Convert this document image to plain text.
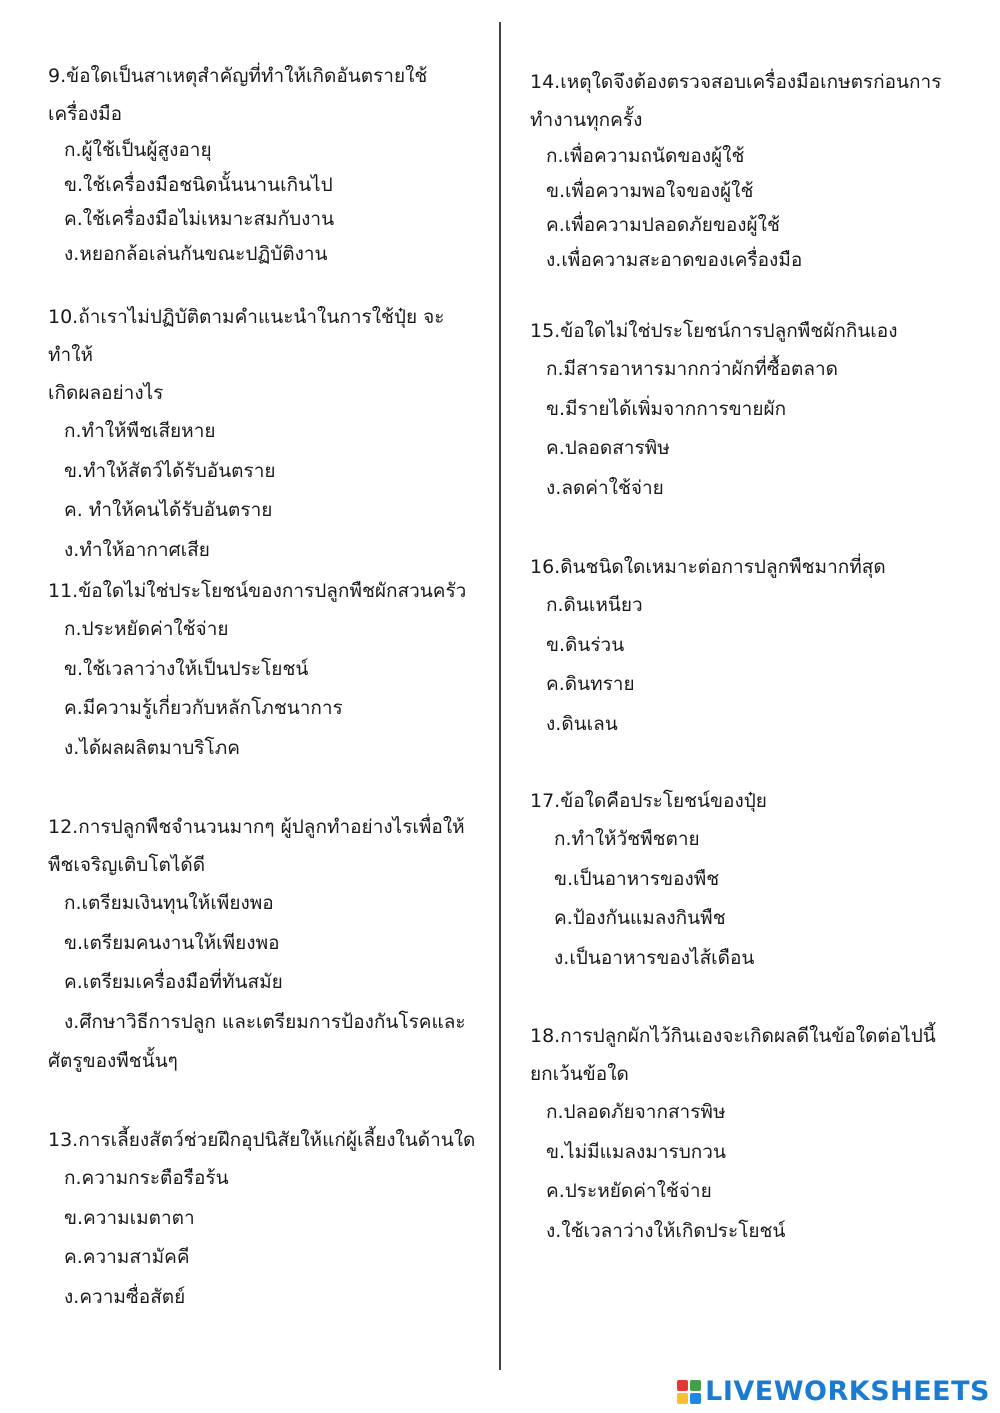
9.ข้อใดเป็นสาเหตุสำคัญที่ทำให้เกิดอันตรายใช้
เครื่องมือ

ก.ผู้ใช้เป็นผู้สูงอายุ
ข.ใช้เครื่องมือชนิดนั้นนานเกินไป
ค.ใช้เครื่องมือไม่เหมาะสมกับงาน
ง.หยอกล้อเล่นกันขณะปฏิบัติงาน

10.ถ้าเราไม่ปฏิบัติตามคำแนะนำในการใช้ปุ๋ย จะทำให้
เกิดผลอย่างไร

ก.ทำให้พืชเสียหาย
ข.ทำให้สัตว์ได้รับอันตราย
ค. ทำให้คนได้รับอันตราย
ง.ทำให้อากาศเสีย

11.ข้อใดไม่ใช่ประโยชน์ของการปลูกพืชผักสวนครัว

ก.ประหยัดค่าใช้จ่าย
ข.ใช้เวลาว่างให้เป็นประโยชน์
ค.มีความรู้เกี่ยวกับหลักโภชนาการ
ง.ได้ผลผลิตมาบริโภค

12.การปลูกพืชจำนวนมากๆ ผู้ปลูกทำอย่างไรเพื่อให้
พืชเจริญเติบโตได้ดี

ก.เตรียมเงินทุนให้เพียงพอ
ข.เตรียมคนงานให้เพียงพอ
ค.เตรียมเครื่องมือที่ทันสมัย
ง.ศึกษาวิธีการปลูก และเตรียมการป้องกันโรคและ
ศัตรูของพืชนั้นๆ

13.การเลี้ยงสัตว์ช่วยฝึกอุปนิสัยให้แก่ผู้เลี้ยงในด้านใด

ก.ความกระตือรือร้น
ข.ความเมตาตา
ค.ความสามัคคี
ง.ความซื่อสัตย์

14.เหตุใดจึงต้องตรวจสอบเครื่องมือเกษตรก่อนการ
ทำงานทุกครั้ง

ก.เพื่อความถนัดของผู้ใช้
ข.เพื่อความพอใจของผู้ใช้
ค.เพื่อความปลอดภัยของผู้ใช้
ง.เพื่อความสะอาดของเครื่องมือ

15.ข้อใดไม่ใช่ประโยชน์การปลูกพืชผักกินเอง

ก.มีสารอาหารมากกว่าผักที่ซื้อตลาด
ข.มีรายได้เพิ่มจากการขายผัก
ค.ปลอดสารพิษ
ง.ลดค่าใช้จ่าย

16.ดินชนิดใดเหมาะต่อการปลูกพืชมากที่สุด

ก.ดินเหนียว
ข.ดินร่วน
ค.ดินทราย
ง.ดินเลน

17.ข้อใดคือประโยชน์ของปุ๋ย

ก.ทำให้วัชพืชตาย
ข.เป็นอาหารของพืช
ค.ป้องกันแมลงกินพืช
ง.เป็นอาหารของไส้เดือน

18.การปลูกผักไว้กินเองจะเกิดผลดีในข้อใดต่อไปนี้
ยกเว้นข้อใด

ก.ปลอดภัยจากสารพิษ
ข.ไม่มีแมลงมารบกวน
ค.ประหยัดค่าใช้จ่าย
ง.ใช้เวลาว่างให้เกิดประโยชน์
LIVEWORKSHEETS
